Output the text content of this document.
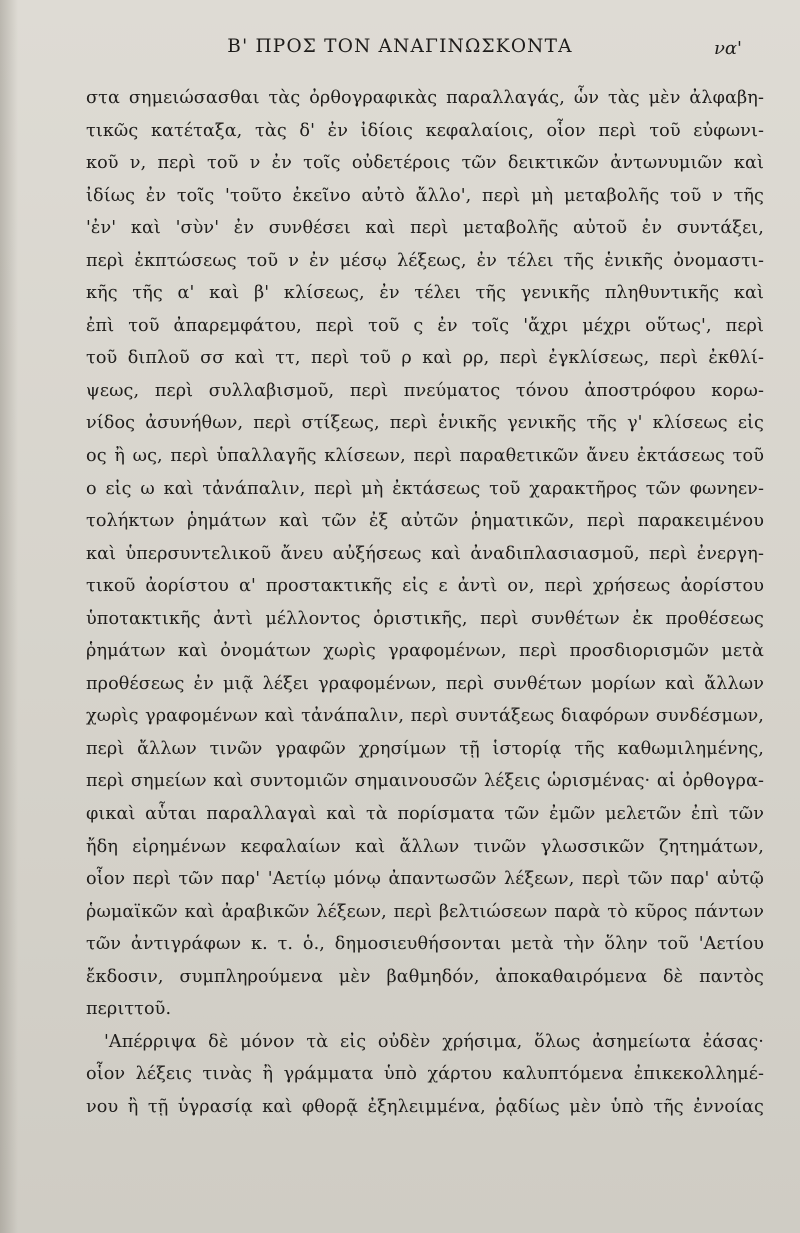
Β' ΠΡΟΣ ΤΟΝ ΑΝΑΓΙΝΩΣΚΟΝΤΑ	να'
στα σημειώσασθαι τὰς ὀρθογραφικὰς παραλλαγάς, ὧν τὰς μὲν ἀλφαβη-
τικῶς κατέταξα, τὰς δ' ἐν ἰδίοις κεφαλαίοις, οἷον περὶ τοῦ εὐφωνι-
κοῦ ν, περὶ τοῦ ν ἐν τοῖς οὐδετέροις τῶν δεικτικῶν ἀντωνυμιῶν καὶ
ἰδίως ἐν τοῖς 'τοῦτο ἐκεῖνο αὐτὸ ἄλλο', περὶ μὴ μεταβολῆς τοῦ ν τῆς
'ἐν' καὶ 'σὺν' ἐν συνθέσει καὶ περὶ μεταβολῆς αὐτοῦ ἐν συντάξει,
περὶ ἐκπτώσεως τοῦ ν ἐν μέσῳ λέξεως, ἐν τέλει τῆς ἑνικῆς ὀνομαστι-
κῆς τῆς α' καὶ β' κλίσεως, ἐν τέλει τῆς γενικῆς πληθυντικῆς καὶ
ἐπὶ τοῦ ἀπαρεμφάτου, περὶ τοῦ ς ἐν τοῖς 'ἄχρι μέχρι οὕτως', περὶ
τοῦ διπλοῦ σσ καὶ ττ, περὶ τοῦ ρ καὶ ρρ, περὶ ἐγκλίσεως, περὶ ἐκθλί-
ψεως, περὶ συλλαβισμοῦ, περὶ πνεύματος τόνου ἀποστρόφου κορω-
νίδος ἀσυνήθων, περὶ στίξεως, περὶ ἑνικῆς γενικῆς τῆς γ' κλίσεως εἰς
ος ἢ ως, περὶ ὑπαλλαγῆς κλίσεων, περὶ παραθετικῶν ἄνευ ἐκτάσεως τοῦ
ο εἰς ω καὶ τἀνάπαλιν, περὶ μὴ ἐκτάσεως τοῦ χαρακτῆρος τῶν φωνηεν-
τολήκτων ῥημάτων καὶ τῶν ἐξ αὐτῶν ῥηματικῶν, περὶ παρακειμένου
καὶ ὑπερσυντελικοῦ ἄνευ αὐξήσεως καὶ ἀναδιπλασιασμοῦ, περὶ ἐνεργη-
τικοῦ ἀορίστου α' προστακτικῆς εἰς ε ἀντὶ ον, περὶ χρήσεως ἀορίστου
ὑποτακτικῆς ἀντὶ μέλλοντος ὁριστικῆς, περὶ συνθέτων ἐκ προθέσεως
ῥημάτων καὶ ὀνομάτων χωρὶς γραφομένων, περὶ προσδιορισμῶν μετὰ
προθέσεως ἐν μιᾷ λέξει γραφομένων, περὶ συνθέτων μορίων καὶ ἄλλων
χωρὶς γραφομένων καὶ τἀνάπαλιν, περὶ συντάξεως διαφόρων συνδέσμων,
περὶ ἄλλων τινῶν γραφῶν χρησίμων τῇ ἱστορίᾳ τῆς καθωμιλημένης,
περὶ σημείων καὶ συντομιῶν σημαινουσῶν λέξεις ὡρισμένας· αἱ ὀρθογρα-
φικαὶ αὗται παραλλαγαὶ καὶ τὰ πορίσματα τῶν ἐμῶν μελετῶν ἐπὶ τῶν
ἤδη εἰρημένων κεφαλαίων καὶ ἄλλων τινῶν γλωσσικῶν ζητημάτων,
οἷον περὶ τῶν παρ' 'Αετίῳ μόνῳ ἀπαντωσῶν λέξεων, περὶ τῶν παρ' αὐτῷ
ῥωμαϊκῶν καὶ ἀραβικῶν λέξεων, περὶ βελτιώσεων παρὰ τὸ κῦρος πάντων
τῶν ἀντιγράφων κ. τ. ὁ., δημοσιευθήσονται μετὰ τὴν ὅλην τοῦ 'Αετίου
ἔκδοσιν, συμπληρούμενα μὲν βαθμηδόν, ἀποκαθαιρόμενα δὲ παντὸς
περιττοῦ.
'Απέρριψα δὲ μόνον τὰ εἰς οὐδὲν χρήσιμα, ὅλως ἀσημείωτα ἐάσας·
οἷον λέξεις τινὰς ἢ γράμματα ὑπὸ χάρτου καλυπτόμενα ἐπικεκολλημέ-
νου ἢ τῇ ὑγρασίᾳ καὶ φθορᾷ ἐξηλειμμένα, ῥᾳδίως μὲν ὑπὸ τῆς ἐννοίας
